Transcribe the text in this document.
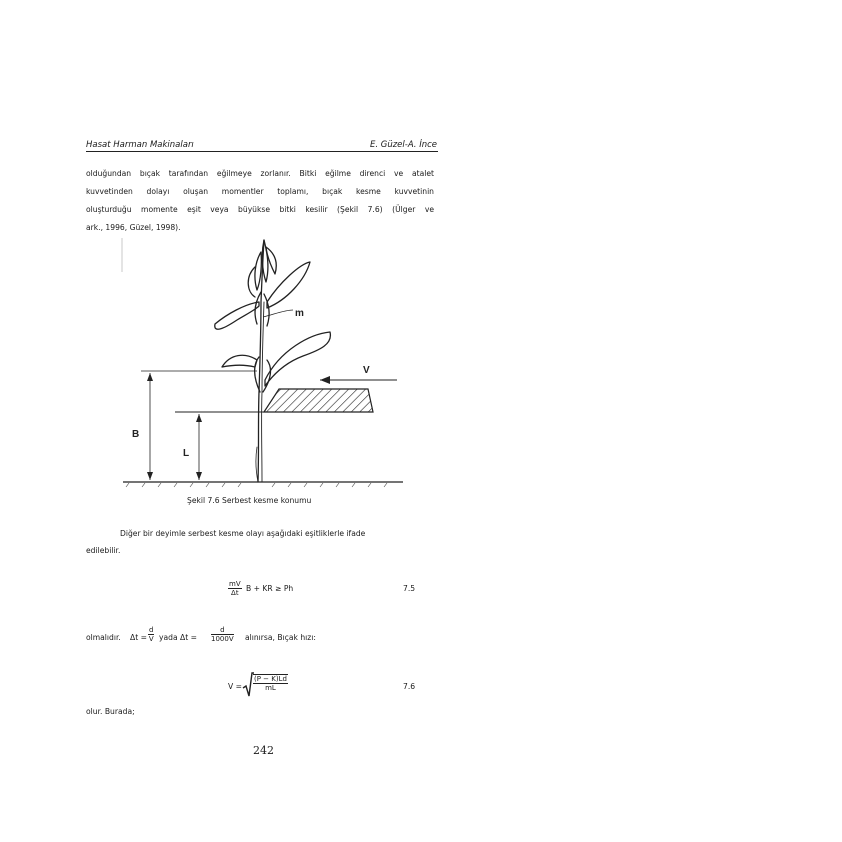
Hasat Harman Makinaları	E. Güzel-A. İnce
olduğundan bıçak tarafından eğilmeye zorlanır. Bitki eğilme direnci ve atalet
kuvvetinden dolayı oluşan momentler toplamı, bıçak kesme kuvvetinin
oluşturduğu momente eşit veya büyükse bitki kesilir (Şekil 7.6) (Ülger ve
ark., 1996, Güzel, 1998).
m
V
B
L
Şekil 7.6 Serbest kesme konumu
Diğer bir deyimle serbest kesme olayı aşağıdaki eşitliklerle ifade
edilebilir.
$\frac{mV}{\Delta t}$ B + KR ≥ Ph	7.5
olmalıdır. $\Delta t = \frac{d}{V}$ yada $\Delta t = \frac{d}{1000V}$ alınırsa, Bıçak hızı:
$V = \frac{(P - K)Ld}{mL}$	7.6
olur. Burada;
242
